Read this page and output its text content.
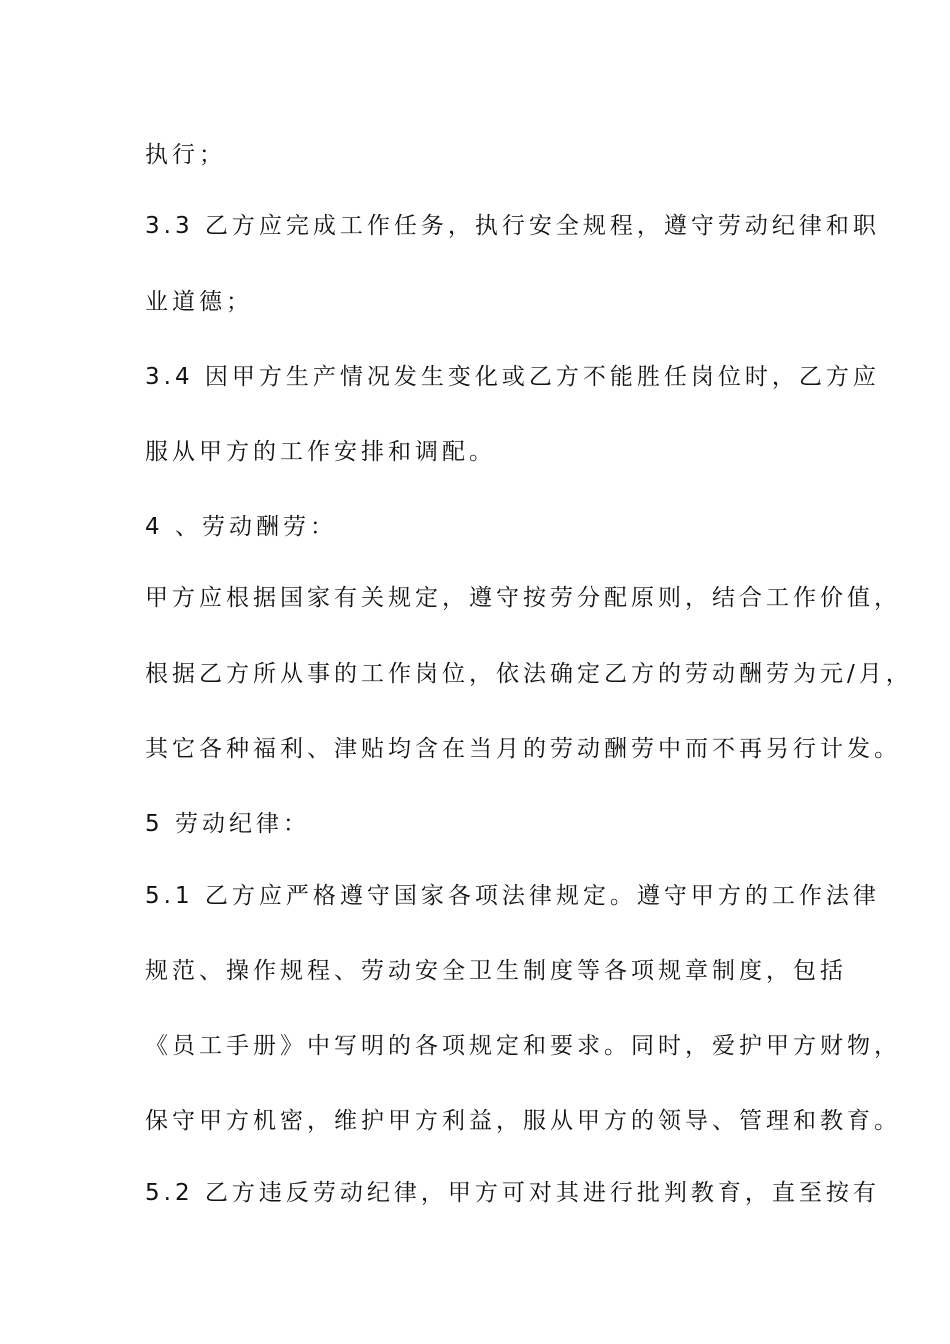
执行；

3.3 乙方应完成工作任务，执行安全规程，遵守劳动纪律和职

业道德；

3.4 因甲方生产情况发生变化或乙方不能胜任岗位时，乙方应

服从甲方的工作安排和调配。

4 、劳动酬劳：

甲方应根据国家有关规定，遵守按劳分配原则，结合工作价值，

根据乙方所从事的工作岗位，依法确定乙方的劳动酬劳为元/月，

其它各种福利、津贴均含在当月的劳动酬劳中而不再另行计发。

5 劳动纪律：

5.1 乙方应严格遵守国家各项法律规定。遵守甲方的工作法律

规范、操作规程、劳动安全卫生制度等各项规章制度，包括

《员工手册》中写明的各项规定和要求。同时，爱护甲方财物，

保守甲方机密，维护甲方利益，服从甲方的领导、管理和教育。

5.2 乙方违反劳动纪律，甲方可对其进行批判教育，直至按有
